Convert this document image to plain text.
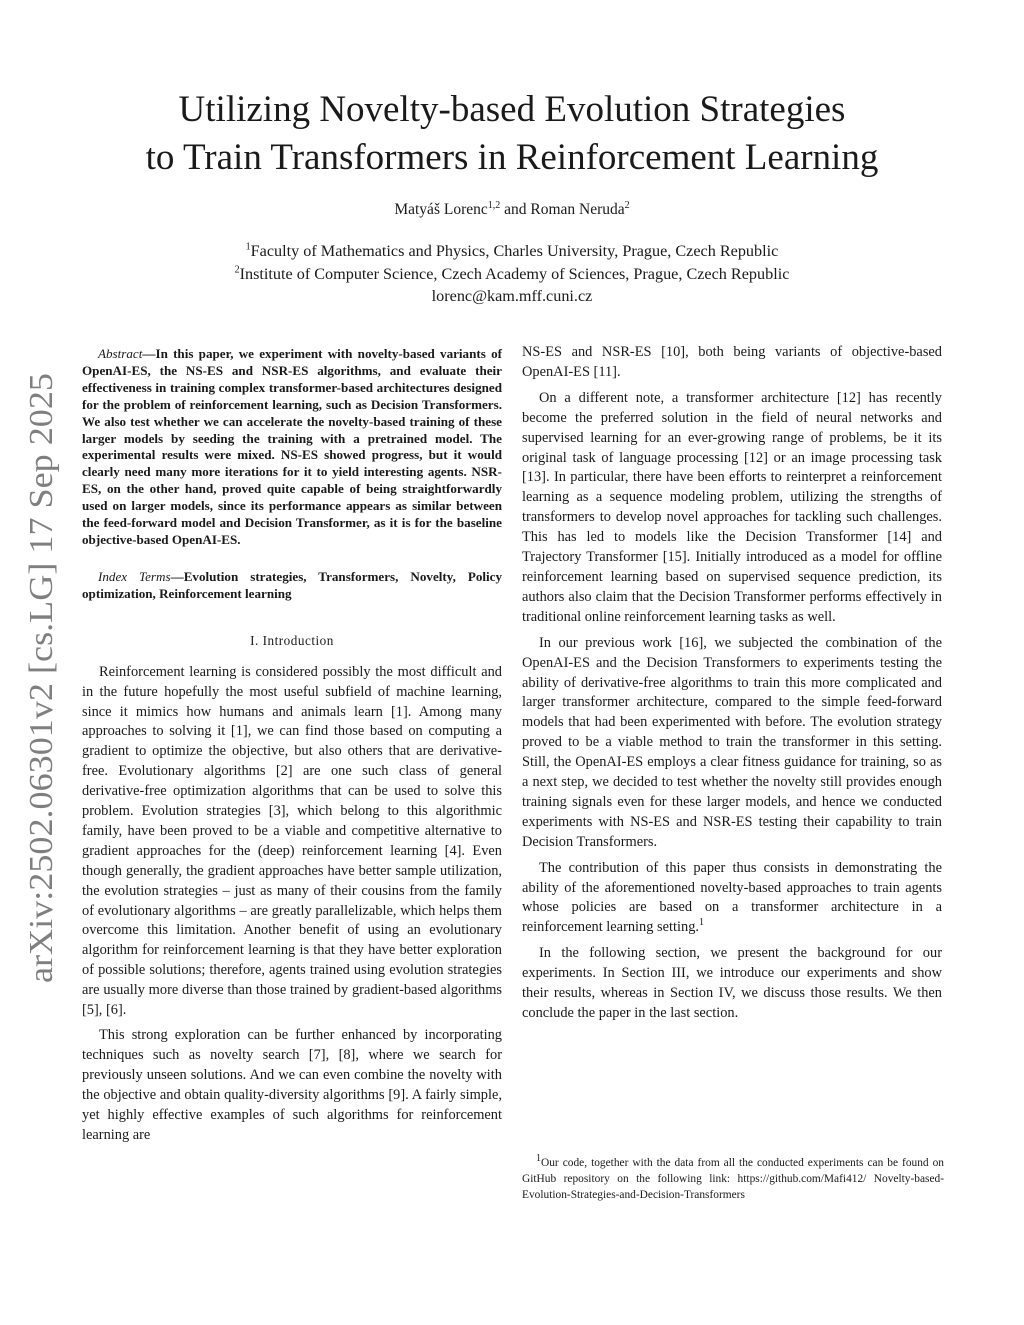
arXiv:2502.06301v2 [cs.LG] 17 Sep 2025
Utilizing Novelty-based Evolution Strategies
to Train Transformers in Reinforcement Learning
Matyáš Lorenc$^{1,2}$ and Roman Neruda$^2$
$^1$Faculty of Mathematics and Physics, Charles University, Prague, Czech Republic
$^2$Institute of Computer Science, Czech Academy of Sciences, Prague, Czech Republic
lorenc@kam.mff.cuni.cz

Abstract—In this paper, we experiment with novelty-based variants of OpenAI-ES, the NS-ES and NSR-ES algorithms, and evaluate their effectiveness in training complex transformer-based architectures designed for the problem of reinforcement learning, such as Decision Transformers. We also test whether we can accelerate the novelty-based training of these larger models by seeding the training with a pretrained model. The experimental results were mixed. NS-ES showed progress, but it would clearly need many more iterations for it to yield interesting agents. NSR-ES, on the other hand, proved quite capable of being straightforwardly used on larger models, since its performance appears as similar between the feed-forward model and Decision Transformer, as it is for the baseline objective-based OpenAI-ES.

Index Terms—Evolution strategies, Transformers, Novelty, Policy optimization, Reinforcement learning

I. Introduction

Reinforcement learning is considered possibly the most difficult and in the future hopefully the most useful subfield of machine learning, since it mimics how humans and animals learn [1]. Among many approaches to solving it [1], we can find those based on computing a gradient to optimize the objective, but also others that are derivative-free. Evolutionary algorithms [2] are one such class of general derivative-free optimization algorithms that can be used to solve this problem. Evolution strategies [3], which belong to this algorithmic family, have been proved to be a viable and competitive alternative to gradient approaches for the (deep) reinforcement learning [4]. Even though generally, the gradient approaches have better sample utilization, the evolution strategies – just as many of their cousins from the family of evolutionary algorithms – are greatly parallelizable, which helps them overcome this limitation. Another benefit of using an evolutionary algorithm for reinforcement learning is that they have better exploration of possible solutions; therefore, agents trained using evolution strategies are usually more diverse than those trained by gradient-based algorithms [5], [6].

This strong exploration can be further enhanced by incorporating techniques such as novelty search [7], [8], where we search for previously unseen solutions. And we can even combine the novelty with the objective and obtain quality-diversity algorithms [9]. A fairly simple, yet highly effective examples of such algorithms for reinforcement learning are

NS-ES and NSR-ES [10], both being variants of objective-based OpenAI-ES [11].

On a different note, a transformer architecture [12] has recently become the preferred solution in the field of neural networks and supervised learning for an ever-growing range of problems, be it its original task of language processing [12] or an image processing task [13]. In particular, there have been efforts to reinterpret a reinforcement learning as a sequence modeling problem, utilizing the strengths of transformers to develop novel approaches for tackling such challenges. This has led to models like the Decision Transformer [14] and Trajectory Transformer [15]. Initially introduced as a model for offline reinforcement learning based on supervised sequence prediction, its authors also claim that the Decision Transformer performs effectively in traditional online reinforcement learning tasks as well.

In our previous work [16], we subjected the combination of the OpenAI-ES and the Decision Transformers to experiments testing the ability of derivative-free algorithms to train this more complicated and larger transformer architecture, compared to the simple feed-forward models that had been experimented with before. The evolution strategy proved to be a viable method to train the transformer in this setting. Still, the OpenAI-ES employs a clear fitness guidance for training, so as a next step, we decided to test whether the novelty still provides enough training signals even for these larger models, and hence we conducted experiments with NS-ES and NSR-ES testing their capability to train Decision Transformers.

The contribution of this paper thus consists in demonstrating the ability of the aforementioned novelty-based approaches to train agents whose policies are based on a transformer architecture in a reinforcement learning setting.$^1$

In the following section, we present the background for our experiments. In Section III, we introduce our experiments and show their results, whereas in Section IV, we discuss those results. We then conclude the paper in the last section.

$^1$Our code, together with the data from all the conducted experiments can be found on GitHub repository on the following link: https://github.com/Mafi412/ Novelty-based-Evolution-Strategies-and-Decision-Transformers
